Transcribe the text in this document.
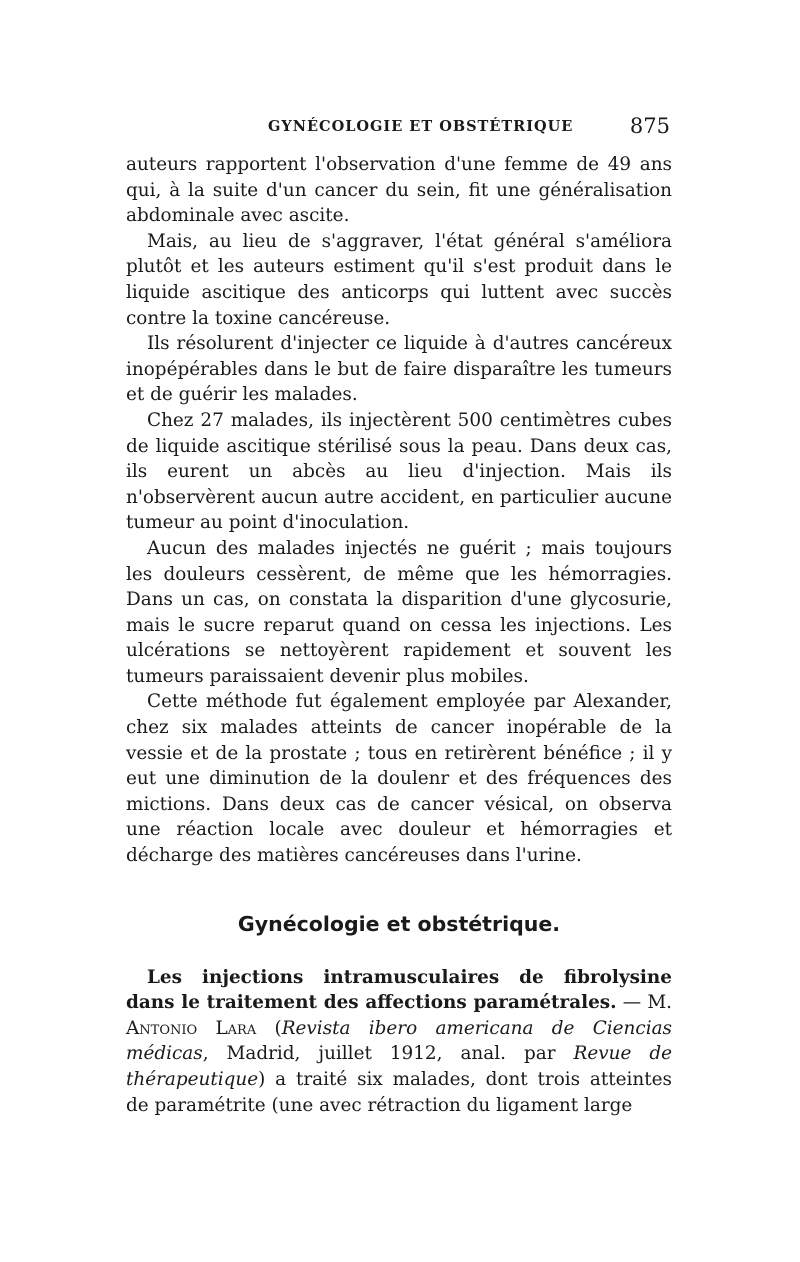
GYNÉCOLOGIE ET OBSTÉTRIQUE	875

auteurs rapportent l'observation d'une femme de 49 ans qui, à la suite d'un cancer du sein, fit une généralisation abdominale avec ascite.

Mais, au lieu de s'aggraver, l'état général s'améliora plutôt et les auteurs estiment qu'il s'est produit dans le liquide ascitique des anticorps qui luttent avec succès contre la toxine cancéreuse.

Ils résolurent d'injecter ce liquide à d'autres cancéreux inopépérables dans le but de faire disparaître les tumeurs et de guérir les malades.

Chez 27 malades, ils injectèrent 500 centimètres cubes de liquide ascitique stérilisé sous la peau. Dans deux cas, ils eurent un abcès au lieu d'injection. Mais ils n'observèrent aucun autre accident, en particulier aucune tumeur au point d'inoculation.

Aucun des malades injectés ne guérit ; mais toujours les douleurs cessèrent, de même que les hémorragies. Dans un cas, on constata la disparition d'une glycosurie, mais le sucre reparut quand on cessa les injections. Les ulcérations se nettoyèrent rapidement et souvent les tumeurs paraissaient devenir plus mobiles.

Cette méthode fut également employée par Alexander, chez six malades atteints de cancer inopérable de la vessie et de la prostate ; tous en retirèrent bénéfice ; il y eut une diminution de la doulenr et des fréquences des mictions. Dans deux cas de cancer vésical, on observa une réaction locale avec douleur et hémorragies et décharge des matières cancéreuses dans l'urine.

Gynécologie et obstétrique.

Les injections intramusculaires de fibrolysine dans le traitement des affections paramétrales. — M. Antonio Lara (Revista ibero americana de Ciencias médicas, Madrid, juillet 1912, anal. par Revue de thérapeutique) a traité six malades, dont trois atteintes de paramétrite (une avec rétraction du ligament large
